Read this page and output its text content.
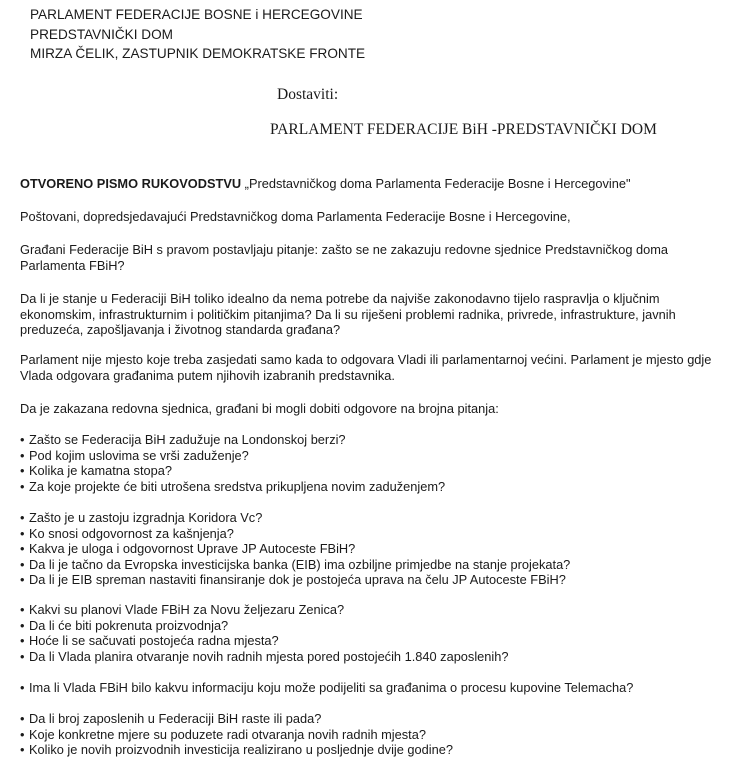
PARLAMENT FEDERACIJE BOSNE i HERCEGOVINE
PREDSTAVNIČKI DOM
MIRZA ČELIK, ZASTUPNIK DEMOKRATSKE FRONTE
Dostaviti:
PARLAMENT FEDERACIJE BiH -PREDSTAVNIČKI DOM
OTVORENO PISMO RUKOVODSTVU „Predstavničkog doma Parlamenta Federacije Bosne i Hercegovine"
Poštovani, dopredsjedavajući Predstavničkog doma Parlamenta Federacije Bosne i Hercegovine,
Građani Federacije BiH s pravom postavljaju pitanje: zašto se ne zakazuju redovne sjednice Predstavničkog doma Parlamenta FBiH?
Da li je stanje u Federaciji BiH toliko idealno da nema potrebe da najviše zakonodavno tijelo raspravlja o ključnim ekonomskim, infrastrukturnim i političkim pitanjima? Da li su riješeni problemi radnika, privrede, infrastrukture, javnih preduzeća, zapošljavanja i životnog standarda građana?
Parlament nije mjesto koje treba zasjedati samo kada to odgovara Vladi ili parlamentarnoj većini. Parlament je mjesto gdje Vlada odgovara građanima putem njihovih izabranih predstavnika.
Da je zakazana redovna sjednica, građani bi mogli dobiti odgovore na brojna pitanja:
• Zašto se Federacija BiH zadužuje na Londonskoj berzi?
• Pod kojim uslovima se vrši zaduženje?
• Kolika je kamatna stopa?
• Za koje projekte će biti utrošena sredstva prikupljena novim zaduženjem?
• Zašto je u zastoju izgradnja Koridora Vc?
• Ko snosi odgovornost za kašnjenja?
• Kakva je uloga i odgovornost Uprave JP Autoceste FBiH?
• Da li je tačno da Evropska investicijska banka (EIB) ima ozbiljne primjedbe na stanje projekata?
• Da li je EIB spreman nastaviti finansiranje dok je postojeća uprava na čelu JP Autoceste FBiH?
• Kakvi su planovi Vlade FBiH za Novu željezaru Zenica?
• Da li će biti pokrenuta proizvodnja?
• Hoće li se sačuvati postojeća radna mjesta?
• Da li Vlada planira otvaranje novih radnih mjesta pored postojećih 1.840 zaposlenih?
• Ima li Vlada FBiH bilo kakvu informaciju koju može podijeliti sa građanima o procesu kupovine Telemacha?
• Da li broj zaposlenih u Federaciji BiH raste ili pada?
• Koje konkretne mjere su poduzete radi otvaranja novih radnih mjesta?
• Koliko je novih proizvodnih investicija realizirano u posljednje dvije godine?
